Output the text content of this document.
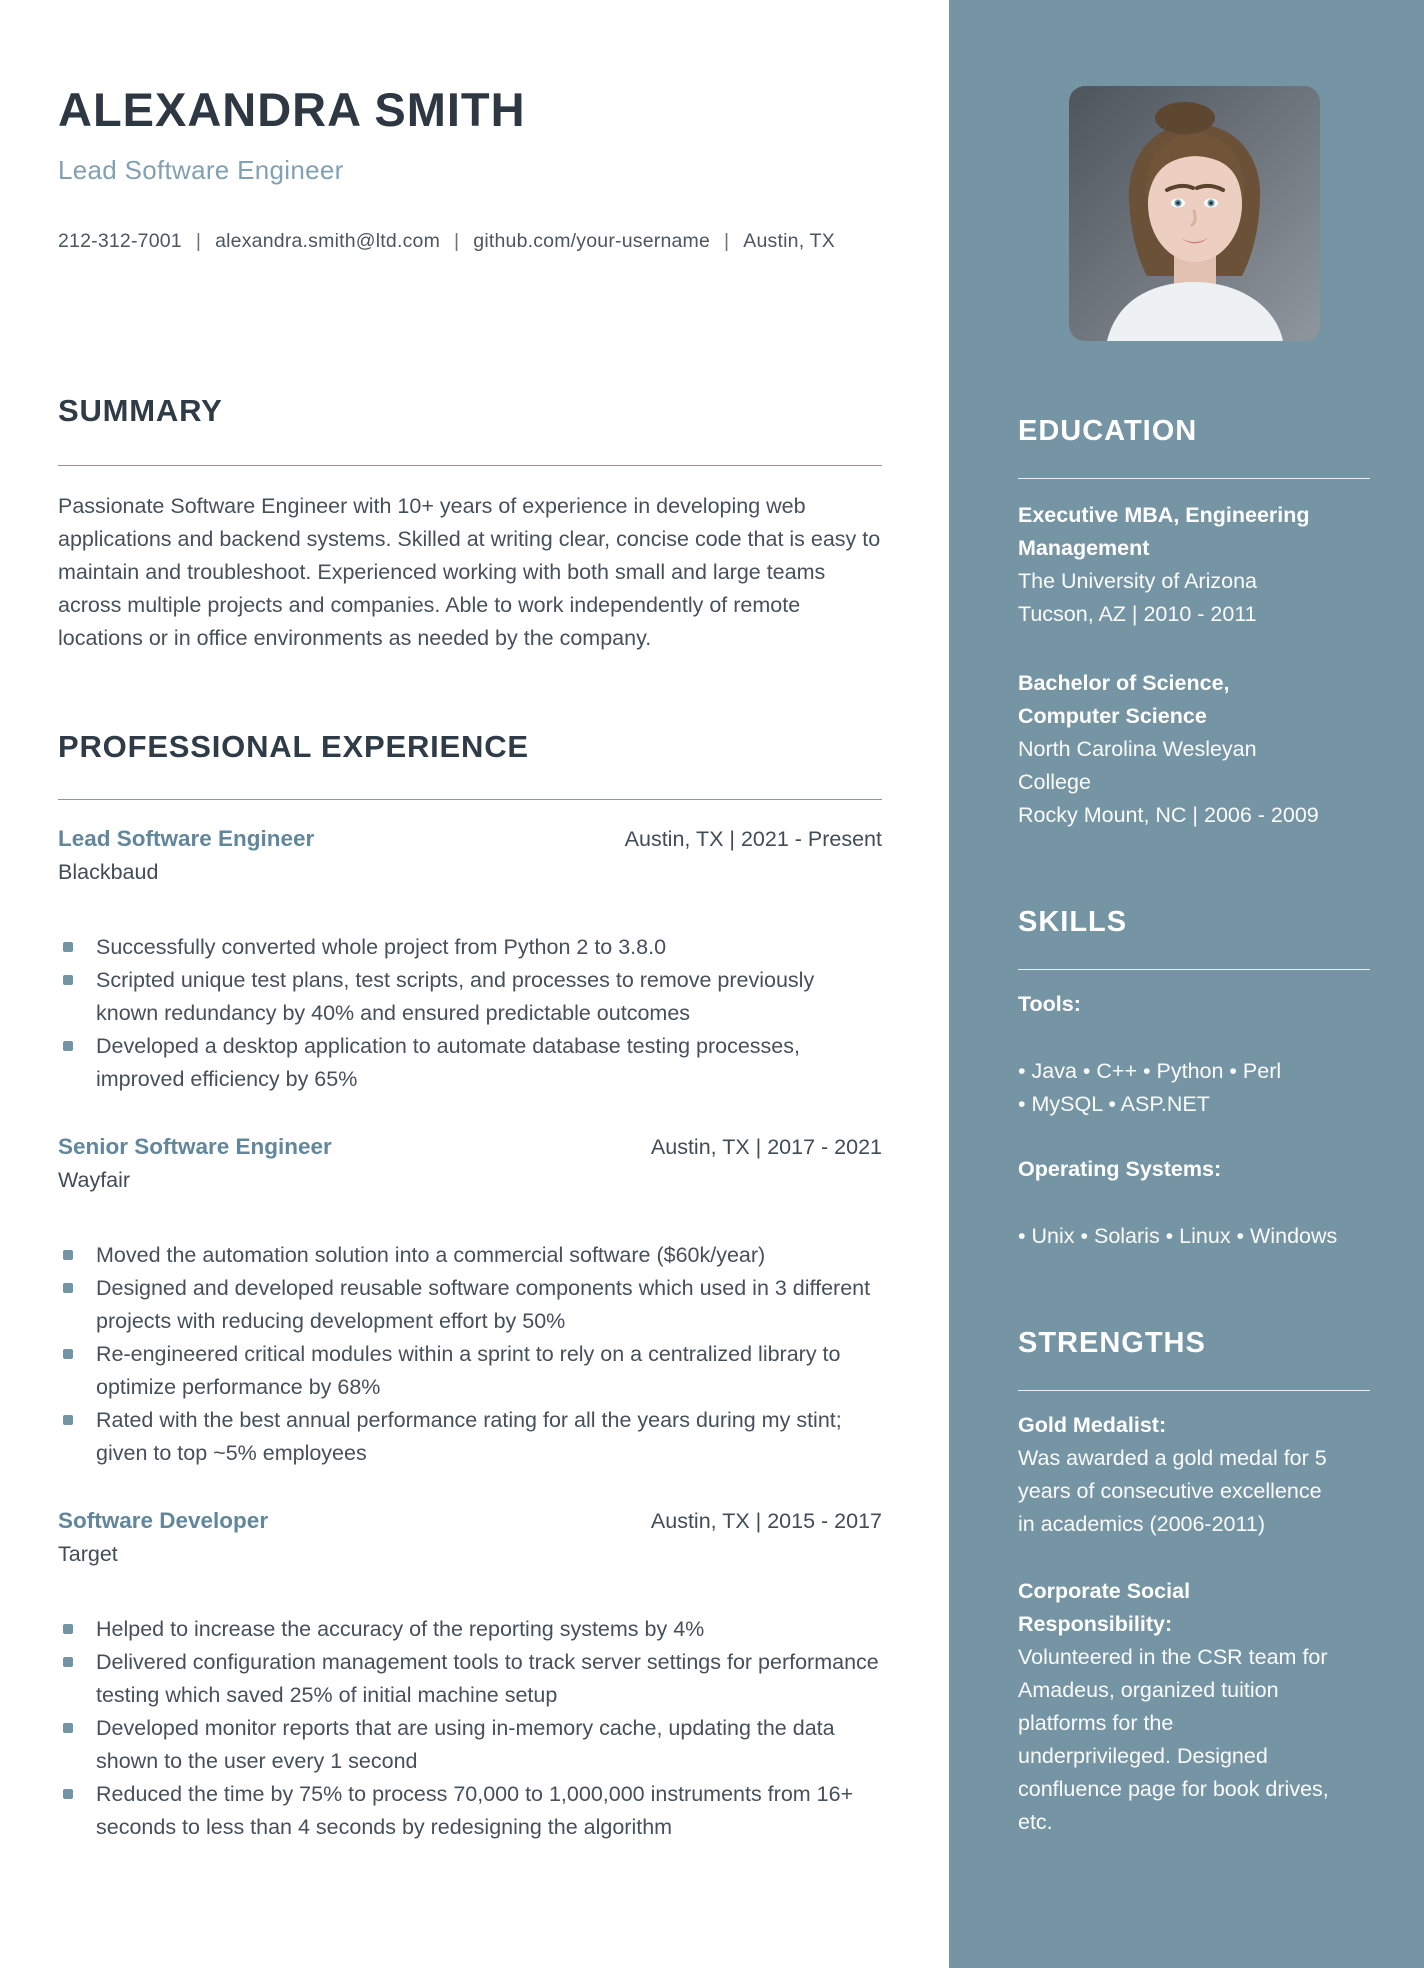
ALEXANDRA SMITH
Lead Software Engineer
212-312-7001 | alexandra.smith@ltd.com | github.com/your-username | Austin, TX
SUMMARY
Passionate Software Engineer with 10+ years of experience in developing web applications and backend systems. Skilled at writing clear, concise code that is easy to maintain and troubleshoot. Experienced working with both small and large teams across multiple projects and companies. Able to work independently of remote locations or in office environments as needed by the company.
PROFESSIONAL EXPERIENCE
Lead Software Engineer	Austin, TX | 2021 - Present
Blackbaud
Successfully converted whole project from Python 2 to 3.8.0
Scripted unique test plans, test scripts, and processes to remove previously known redundancy by 40% and ensured predictable outcomes
Developed a desktop application to automate database testing processes, improved efficiency by 65%
Senior Software Engineer	Austin, TX | 2017 - 2021
Wayfair
Moved the automation solution into a commercial software ($60k/year)
Designed and developed reusable software components which used in 3 different projects with reducing development effort by 50%
Re-engineered critical modules within a sprint to rely on a centralized library to optimize performance by 68%
Rated with the best annual performance rating for all the years during my stint; given to top ~5% employees
Software Developer	Austin, TX | 2015 - 2017
Target
Helped to increase the accuracy of the reporting systems by 4%
Delivered configuration management tools to track server settings for performance testing which saved 25% of initial machine setup
Developed monitor reports that are using in-memory cache, updating the data shown to the user every 1 second
Reduced the time by 75% to process 70,000 to 1,000,000 instruments from 16+ seconds to less than 4 seconds by redesigning the algorithm
EDUCATION
Executive MBA, Engineering Management
The University of Arizona
Tucson, AZ | 2010 - 2011
Bachelor of Science, Computer Science
North Carolina Wesleyan College
Rocky Mount, NC | 2006 - 2009
SKILLS
Tools:
• Java • C++ • Python • Perl
• MySQL • ASP.NET
Operating Systems:
• Unix • Solaris • Linux • Windows
STRENGTHS
Gold Medalist:
Was awarded a gold medal for 5 years of consecutive excellence in academics (2006-2011)
Corporate Social Responsibility:
Volunteered in the CSR team for Amadeus, organized tuition platforms for the underprivileged. Designed confluence page for book drives, etc.
